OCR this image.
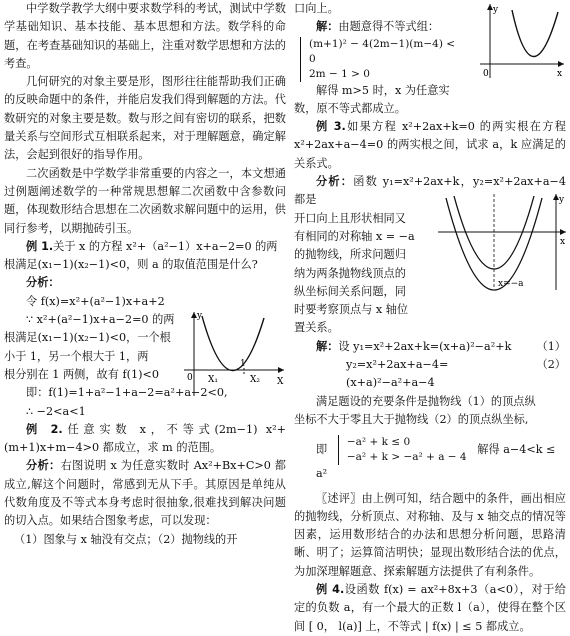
中学数学教学大纲中要求数学科的考试，测试中学数学基础知识、基本技能、基本思想和方法。数学科的命题，在考查基础知识的基础上，注重对数学思想和方法的考查。

几何研究的对象主要是形，图形往往能帮助我们正确的反映命题中的条件，并能启发我们得到解题的方法。代数研究的对象主要是数。数与形之间有密切的联系，把数量关系与空间形式互相联系起来，对于理解题意，确定解法，会起到很好的指导作用。

二次函数是中学数学非常重要的内容之一，本文想通过例题阐述数学的一种常规思想解二次函数中含参数问题，体现数形结合思想在二次函数求解问题中的运用，供同行参考，以期抛砖引玉。

例 1.关于 x 的方程 x²+（a²−1）x+a−2=0 的两

根满足(x₁−1)(x₂−1)<0，则 a 的取值范围是什么?

分析：

令 f(x)=x²+(a²−1)x+a+2

∵ x²+(a²−1)x+a−2=0 的两

根满足(x₁−1)(x₂−1)<0，一个根

小于 1，另一个根大于 1，两

根分别在 1 两侧，故有 f(1)<0

即：f(1)=1+a²−1+a−2=a²+a−2<0,

∴ −2<a<1

例 2.任意实数 x，不等式(2m−1) x²+(m+1)x+m−4>0 都成立，求 m 的范围。

分析：右图说明 x 为任意实数时 Ax²+Bx+C>0 都成立,解这个问题时，常感到无从下手。其原因是单纯从代数角度及不等式本身考虑时很抽象,很难找到解决问题的切入点。如果结合图象考虑，可以发现：

（1）图象与 x 轴没有交点；（2）抛物线的开

0
y
X
X₁
1
X₂

口向上。

解：由题意得不等式组：

(m+1)² − 4(2m−1)(m−4) < 0
2m − 1 > 0

解得 m>5 时，x 为任意实

数，原不等式都成立。

例 3.如果方程 x²+2ax+k=0 的两实根在方程x²+2ax+a−4=0 的两实根之间，试求 a，k 应满足的关系式。

分析：函数 y₁=x²+2ax+k，y₂=x²+2ax+a−4 都是

开口向上且形状相同又

有相同的对称轴 x = −a

的抛物线，所求问题归

纳为两条抛物线顶点的

纵坐标间关系问题，同

时要考察顶点与 x 轴位

置关系。

解：设 y₁=x²+2ax+k=(x+a)²−a²+k （1）
y₂=x²+2ax+a−4=(x+a)²−a²+a−4
（2）

满足题设的充要条件是抛物线（1）的顶点纵

坐标不大于零且大于抛物线（2）的顶点纵坐标,

即
−a² + k ≤ 0
−a² + k > −a² + a − 4
解得 a−4<k ≤ a²

〖述评〗由上例可知，结合题中的条件，画出相应的抛物线，分析顶点、对称轴、及与 x 轴交点的情况等因素，运用数形结合的办法和思想分析问题，思路清晰、明了；运算简洁明快；显现出数形结合法的优点，为加深理解题意、探索解题方法提供了有利条件。

例 4.设函数 f(x) = ax²+8x+3（a<0），对于给定的负数 a，有一个最大的正数 l（a），使得在整个区间 [ 0， l(a)] 上，不等式 | f(x) | ≤ 5 都成立。

y
0	x
y
x
x=−a
